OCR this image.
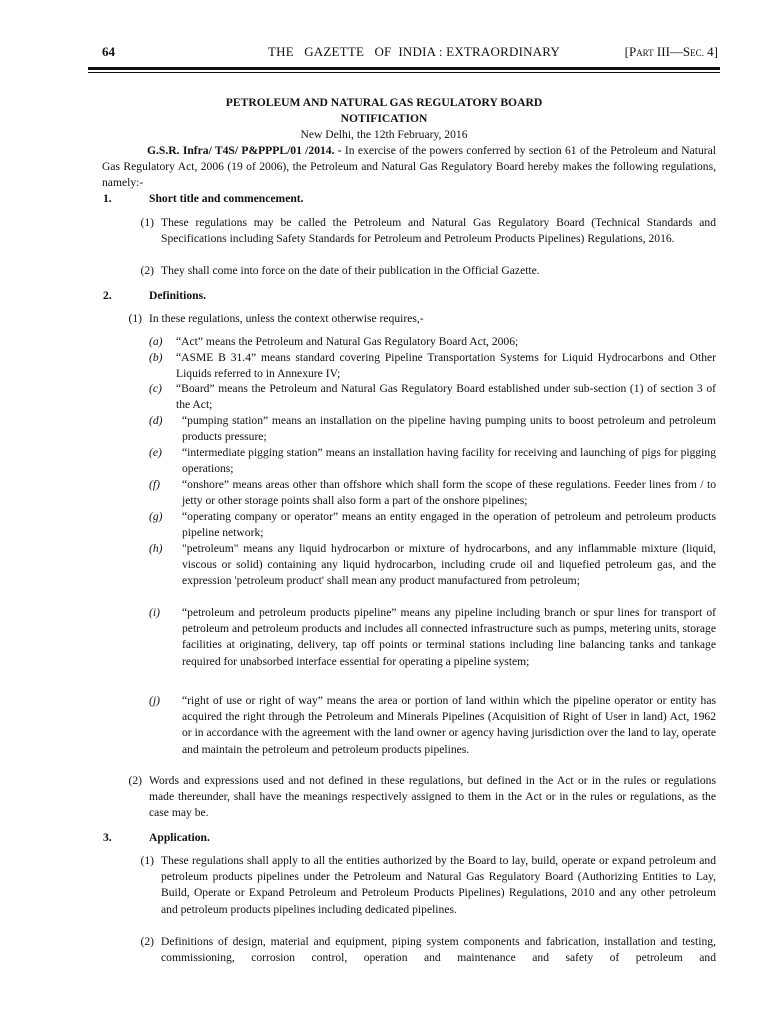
64	THE   GAZETTE   OF  INDIA : EXTRAORDINARY	[Part III—Sec. 4]
PETROLEUM AND NATURAL GAS REGULATORY BOARD
NOTIFICATION
New Delhi, the 12th February, 2016
G.S.R. Infra/ T4S/ P&PPPL/01 /2014. - In exercise of the powers conferred by section 61 of the Petroleum and Natural Gas Regulatory Act, 2006 (19 of 2006), the Petroleum and Natural Gas Regulatory Board hereby makes the following regulations, namely:-
1.	Short title and commencement.
(1) These regulations may be called the Petroleum and Natural Gas Regulatory Board (Technical Standards and Specifications including Safety Standards for Petroleum and Petroleum Products Pipelines) Regulations, 2016.
(2) They shall come into force on the date of their publication in the Official Gazette.
2.	Definitions.
(1) In these regulations, unless the context otherwise requires,-
(a) “Act” means the Petroleum and Natural Gas Regulatory Board Act, 2006;
(b) “ASME B 31.4” means standard covering Pipeline Transportation Systems for Liquid Hydrocarbons and Other Liquids referred to in Annexure IV;
(c) “Board” means the Petroleum and Natural Gas Regulatory Board established under sub-section (1) of section 3 of the Act;
(d) “pumping station” means an installation on the pipeline having pumping units to boost petroleum and petroleum products pressure;
(e) “intermediate pigging station” means an installation having facility for receiving and launching of pigs for pigging operations;
(f) “onshore” means areas other than offshore which shall form the scope of these regulations. Feeder lines from / to jetty or other storage points shall also form a part of the onshore pipelines;
(g) “operating company or operator” means an entity engaged in the operation of petroleum and petroleum products pipeline network;
(h) "petroleum" means any liquid hydrocarbon or mixture of hydrocarbons, and any inflammable mixture (liquid, viscous or solid) containing any liquid hydrocarbon, including crude oil and liquefied petroleum gas, and the expression 'petroleum product' shall mean any product manufactured from petroleum;
(i) “petroleum and petroleum products pipeline” means any pipeline including branch or spur lines for transport of petroleum and petroleum products and includes all connected infrastructure such as pumps, metering units, storage facilities at originating, delivery, tap off points or terminal stations including line balancing tanks and tankage required for unabsorbed interface essential for operating a pipeline system;
(j) “right of use or right of way” means the area or portion of land within which the pipeline operator or entity has acquired the right through the Petroleum and Minerals Pipelines (Acquisition of Right of User in land) Act, 1962 or in accordance with the agreement with the land owner or agency having jurisdiction over the land to lay, operate and maintain the petroleum and petroleum products pipelines.
(2) Words and expressions used and not defined in these regulations, but defined in the Act or in the rules or regulations made thereunder, shall have the meanings respectively assigned to them in the Act or in the rules or regulations, as the case may be.
3.	Application.
(1) These regulations shall apply to all the entities authorized by the Board to lay, build, operate or expand petroleum and petroleum products pipelines under the Petroleum and Natural Gas Regulatory Board (Authorizing Entities to Lay, Build, Operate or Expand Petroleum and Petroleum Products Pipelines) Regulations, 2010 and any other petroleum and petroleum products pipelines including dedicated pipelines.
(2) Definitions of design, material and equipment, piping system components and fabrication, installation and testing, commissioning, corrosion control, operation and maintenance and safety of petroleum and
